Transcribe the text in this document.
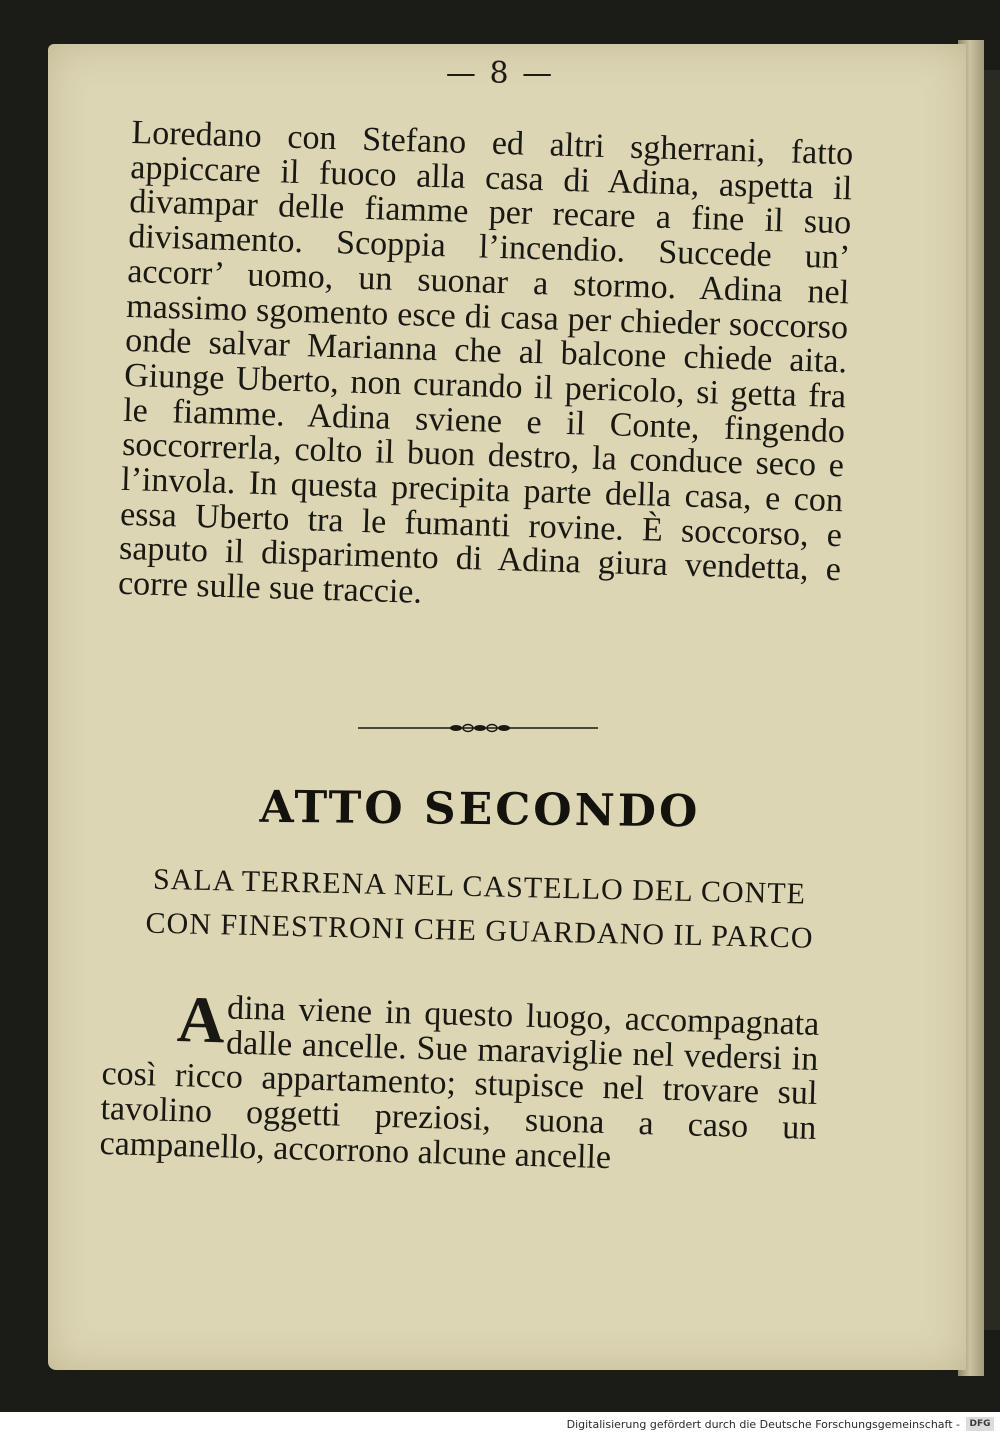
— 8 —
Loredano con Stefano ed altri sgherrani, fatto appiccare il fuoco alla casa di Adina, aspetta il divampar delle fiamme per recare a fine il suo divisamento. Scoppia l’incendio. Succede un’ accorr’ uomo, un suonar a stormo. Adina nel massimo sgomento esce di casa per chieder soccorso onde salvar Marianna che al balcone chiede aita. Giunge Uberto, non curando il pericolo, si getta fra le fiamme. Adina sviene e il Conte, fingendo soccorrerla, colto il buon destro, la conduce seco e l’invola. In questa precipita parte della casa, e con essa Uberto tra le fumanti rovine. È soccorso, e saputo il disparimento di Adina giura vendetta, e corre sulle sue traccie.
ATTO SECONDO
SALA TERRENA NEL CASTELLO DEL CONTE
CON FINESTRONI CHE GUARDANO IL PARCO
Adina viene in questo luogo, accompagnata dalle ancelle. Sue maraviglie nel vedersi in così ricco appartamento; stupisce nel trovare sul tavolino oggetti preziosi, suona a caso un campanello, accorrono alcune ancelle
Digitalisierung gefördert durch die Deutsche Forschungsgemeinschaft -	DFG
